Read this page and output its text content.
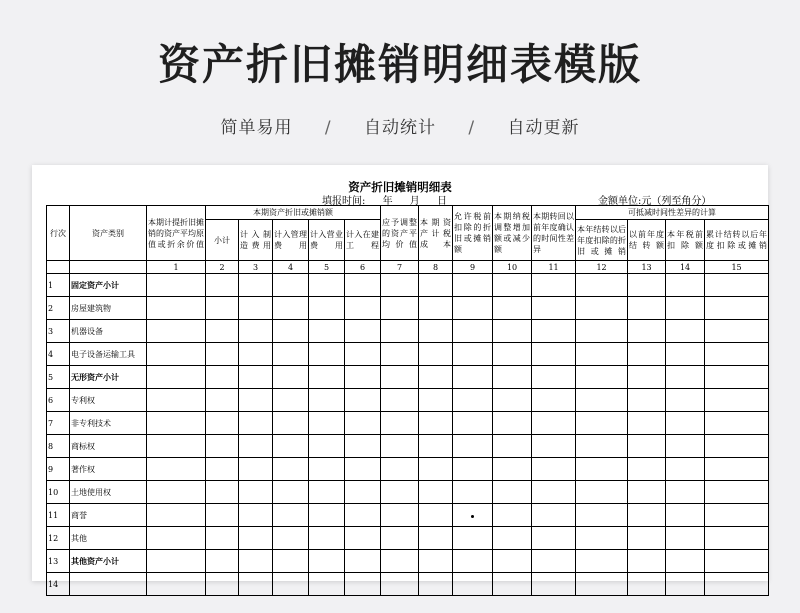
资产折旧摊销明细表模版
简单易用 / 自动统计 / 自动更新
资产折旧摊销明细表
填报时间: 年 月 日	金额单位:元（列至角分）
行次	资产类别	本期计提折旧摊销的资产平均原值或折余价值	本期资产折旧或摊销额					应予调整的资产平均价值	本期资产计税成本	允许税前扣除的折旧或摊销额	本期纳税调整增加额或减少额	本期转回以前年度确认的时间性差异	可抵减时间性差异的计算			
			小计	计入制造费用	计入管理费用	计入营业费用	计入在建工程						本年结转以后年度扣除的折旧或摊销	以前年度结转额	本年税前扣除额	累计结转以后年度扣除或摊销
		1	2	3	4	5	6	7	8	9	10	11	12	13	14	15
1	固定资产小计															
2	房屋建筑物															
3	机器设备															
4	电子设备运输工具															
5	无形资产小计															
6	专利权															
7	非专利技术															
8	商标权															
9	著作权															
10	土地使用权															
11	商誉															
12	其他															
13	其他资产小计															
14																
